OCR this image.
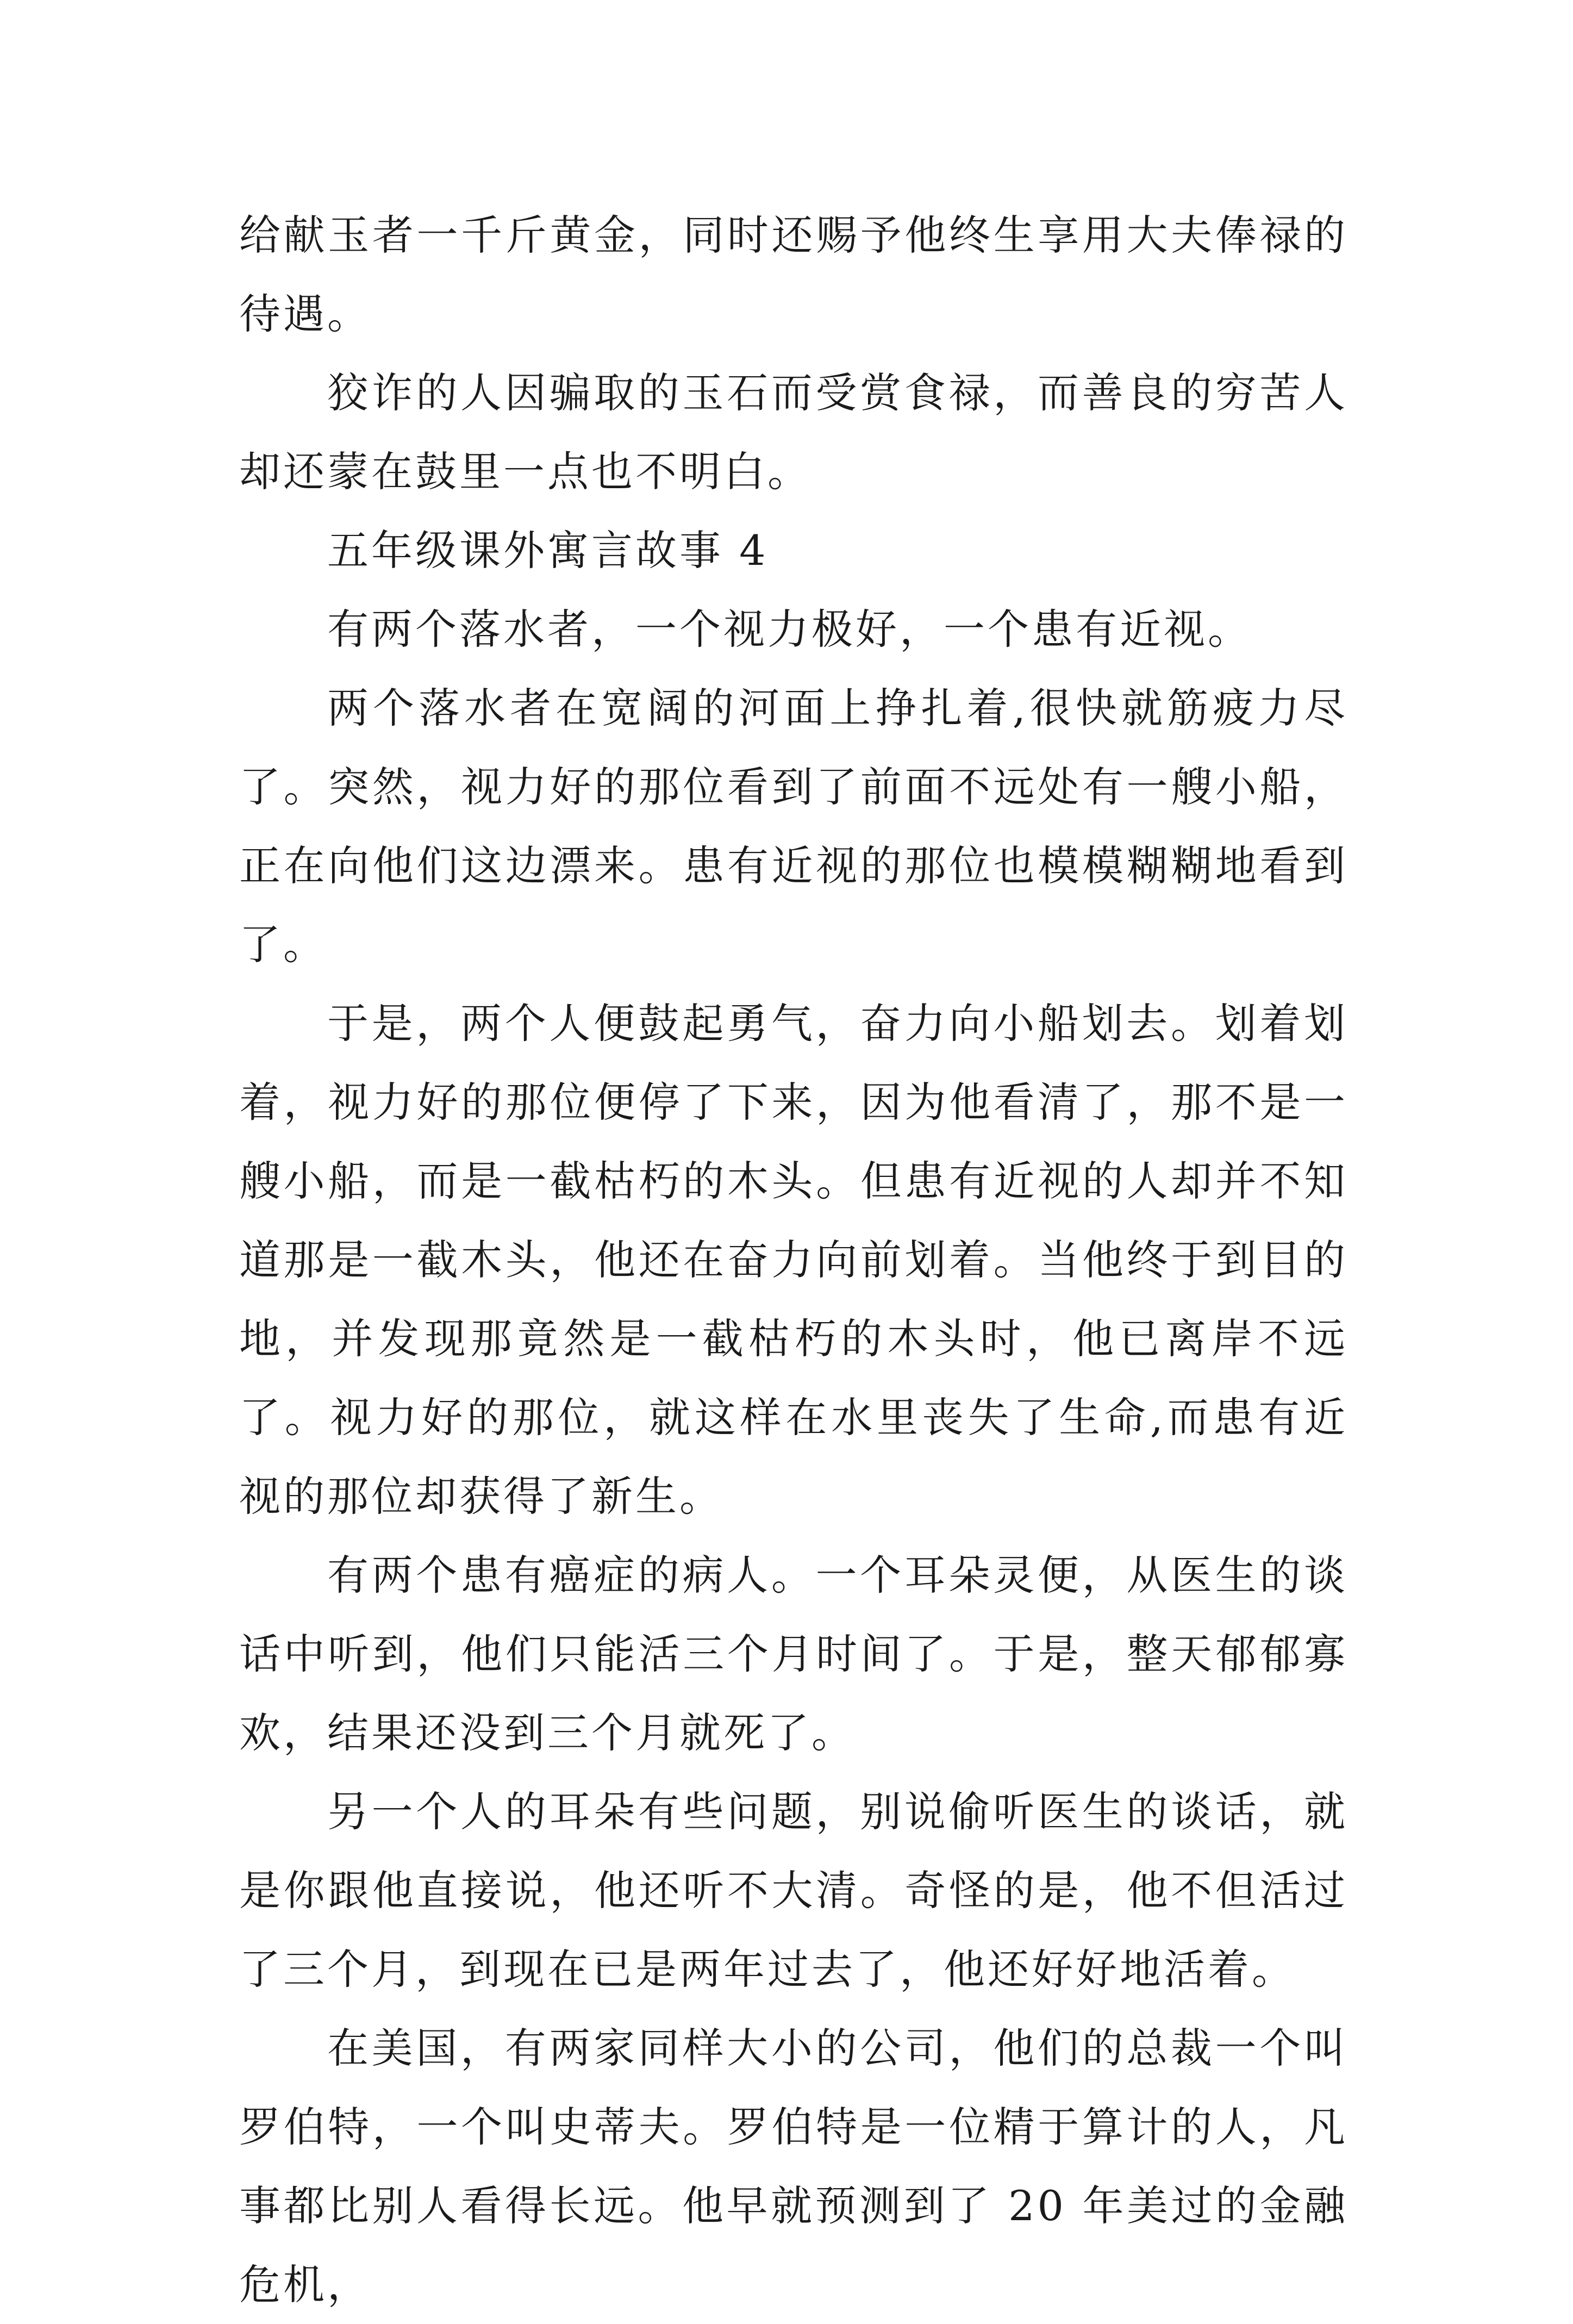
给献玉者一千斤黄金，同时还赐予他终生享用大夫俸禄的待遇。

狡诈的人因骗取的玉石而受赏食禄，而善良的穷苦人却还蒙在鼓里一点也不明白。

五年级课外寓言故事 4

有两个落水者，一个视力极好，一个患有近视。

两个落水者在宽阔的河面上挣扎着,很快就筋疲力尽了。突然，视力好的那位看到了前面不远处有一艘小船，正在向他们这边漂来。患有近视的那位也模模糊糊地看到了。

于是，两个人便鼓起勇气，奋力向小船划去。划着划着，视力好的那位便停了下来，因为他看清了，那不是一艘小船，而是一截枯朽的木头。但患有近视的人却并不知道那是一截木头，他还在奋力向前划着。当他终于到目的地，并发现那竟然是一截枯朽的木头时，他已离岸不远了。视力好的那位，就这样在水里丧失了生命,而患有近视的那位却获得了新生。

有两个患有癌症的病人。一个耳朵灵便，从医生的谈话中听到，他们只能活三个月时间了。于是，整天郁郁寡欢，结果还没到三个月就死了。

另一个人的耳朵有些问题，别说偷听医生的谈话，就是你跟他直接说，他还听不大清。奇怪的是，他不但活过了三个月，到现在已是两年过去了，他还好好地活着。

在美国，有两家同样大小的公司，他们的总裁一个叫罗伯特，一个叫史蒂夫。罗伯特是一位精于算计的人，凡事都比别人看得长远。他早就预测到了 20 年美过的金融危机，
